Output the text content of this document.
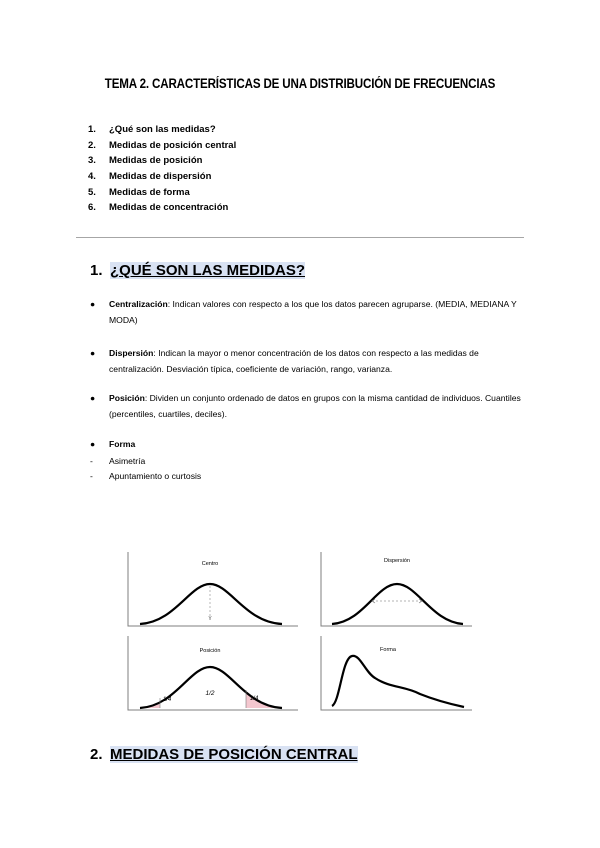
TEMA 2. CARACTERÍSTICAS DE UNA DISTRIBUCIÓN DE FRECUENCIAS
1. ¿Qué son las medidas?
2. Medidas de posición central
3. Medidas de posición
4. Medidas de dispersión
5. Medidas de forma
6. Medidas de concentración
1. ¿QUÉ SON LAS MEDIDAS?
● Centralización: Indican valores con respecto a los que los datos parecen agruparse. (MEDIA, MEDIANA Y MODA)
● Dispersión: Indican la mayor o menor concentración de los datos con respecto a las medidas de centralización. Desviación típica, coeficiente de variación, rango, varianza.
● Posición: Dividen un conjunto ordenado de datos en grupos con la misma cantidad de individuos. Cuantiles (percentiles, cuartiles, deciles).
● Forma
- Asimetría
- Apuntamiento o curtosis
Centro
Y
Dispersión
Posición
1/4
1/2
1/4
Forma
2. MEDIDAS DE POSICIÓN CENTRAL
